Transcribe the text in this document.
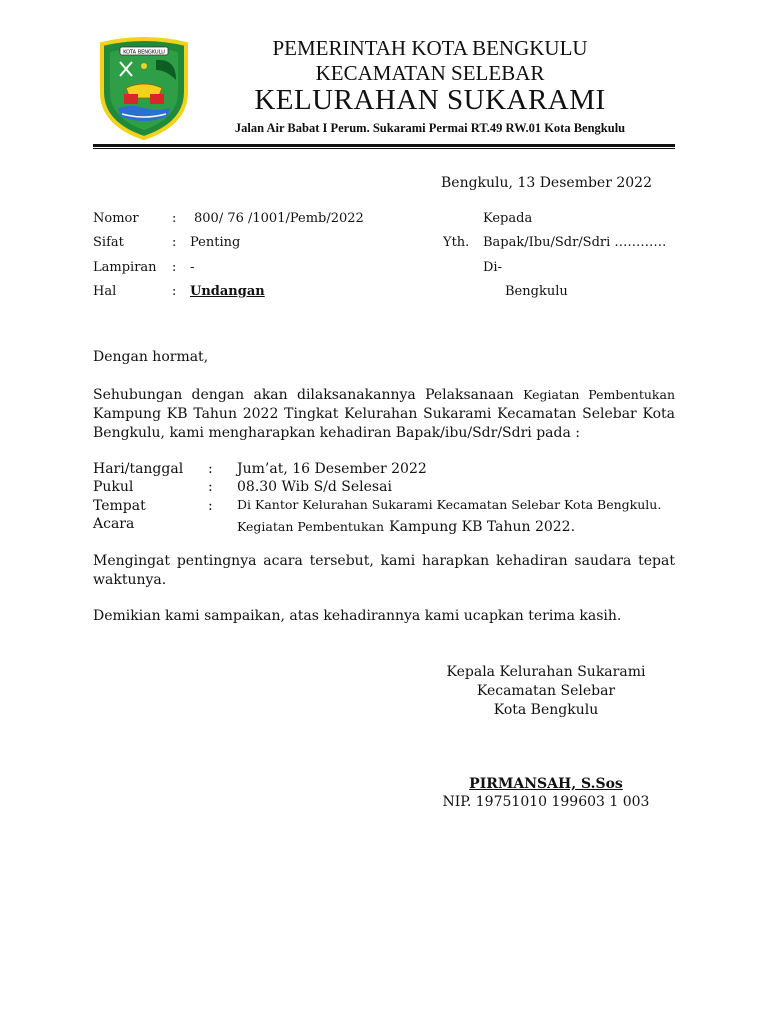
KOTA BENGKULU	PEMERINTAH KOTA BENGKULU
KECAMATAN SELEBAR
KELURAHAN SUKARAMI
Jalan Air Babat I Perum. Sukarami Permai RT.49 RW.01 Kota Bengkulu
Bengkulu, 13 Desember 2022
Nomor	: 800/ 76 /1001/Pemb/2022
Sifat	: Penting
Lampiran : -
Hal	: Undangan
Kepada
Yth. Bapak/Ibu/Sdr/Sdri …………
Di-
Bengkulu
Dengan hormat,
Sehubungan dengan akan dilaksanakannya Pelaksanaan Kegiatan Pembentukan
Kampung KB Tahun 2022 Tingkat Kelurahan Sukarami Kecamatan Selebar Kota
Bengkulu, kami mengharapkan kehadiran Bapak/ibu/Sdr/Sdri pada :
Hari/tanggal : Jum’at, 16 Desember 2022
Pukul	: 08.30 Wib S/d Selesai
Tempat	: Di Kantor Kelurahan Sukarami Kecamatan Selebar Kota Bengkulu.
Acara	Kegiatan Pembentukan Kampung KB Tahun 2022.
Mengingat pentingnya acara tersebut, kami harapkan kehadiran saudara tepat
waktunya.
Demikian kami sampaikan, atas kehadirannya kami ucapkan terima kasih.
Kepala Kelurahan Sukarami
Kecamatan Selebar
Kota Bengkulu
PIRMANSAH, S.Sos
NIP. 19751010 199603 1 003
